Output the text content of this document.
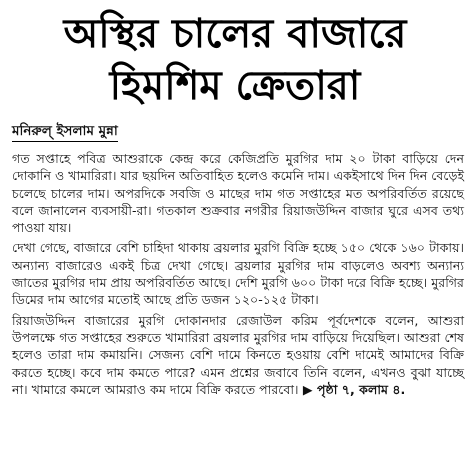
অস্থির চালের বাজারে
হিমশিম ক্রেতারা
মনিরুল্ ইসলাম মুন্না

গত সপ্তাহে পবিত্র আশুরাকে কেন্দ্র করে কেজিপ্রতি মুরগির দাম ২০ টাকা বাড়িয়ে দেন দোকানি ও খামারিরা। যার ছয়দিন অতিবাহিত হলেও কমেনি দাম। একইসাথে দিন দিন বেড়েই চলেছে চালের দাম। অপরদিকে সবজি ও মাছের দাম গত সপ্তাহের মত অপরিবর্তিত রয়েছে বলে জানালেন ব্যবসায়ী-রা। গতকাল শুক্রবার নগরীর রিয়াজউদ্দিন বাজার ঘুরে এসব তথ্য পাওয়া যায়।

দেখা গেছে, বাজারে বেশি চাহিদা থাকায় ব্রয়লার মুরগি বিক্রি হচ্ছে ১৫০ থেকে ১৬০ টাকায়। অন্যান্য বাজারেও একই চিত্র দেখা গেছে। ব্রয়লার মুরগির দাম বাড়লেও অবশ্য অন্যান্য জাতের মুরগির দাম প্রায় অপরিবর্তিত আছে। দেশি মুরগি ৬০০ টাকা দরে বিক্রি হচ্ছে। মুরগির ডিমের দাম আগের মতোই আছে প্রতি ডজন ১২০-১২৫ টাকা।

রিয়াজউদ্দিন বাজারের মুরগি দোকানদার রেজাউল করিম পূর্বদেশকে বলেন, আশুরা উপলক্ষে গত সপ্তাহের শুরুতে খামারিরা ব্রয়লার মুরগির দাম বাড়িয়ে দিয়েছিল। আশুরা শেষ হলেও তারা দাম কমায়নি। সেজন্য বেশি দামে কিনতে হওয়ায় বেশি দামেই আমাদের বিক্রি করতে হচ্ছে। কবে দাম কমতে পারে? এমন প্রশ্নের জবাবে তিনি বলেন, এখনও বুঝা যাচ্ছে না। খামারে কমলে আমরাও কম দামে বিক্রি করতে পারবো। ▶ পৃষ্ঠা ৭, কলাম ৪.
